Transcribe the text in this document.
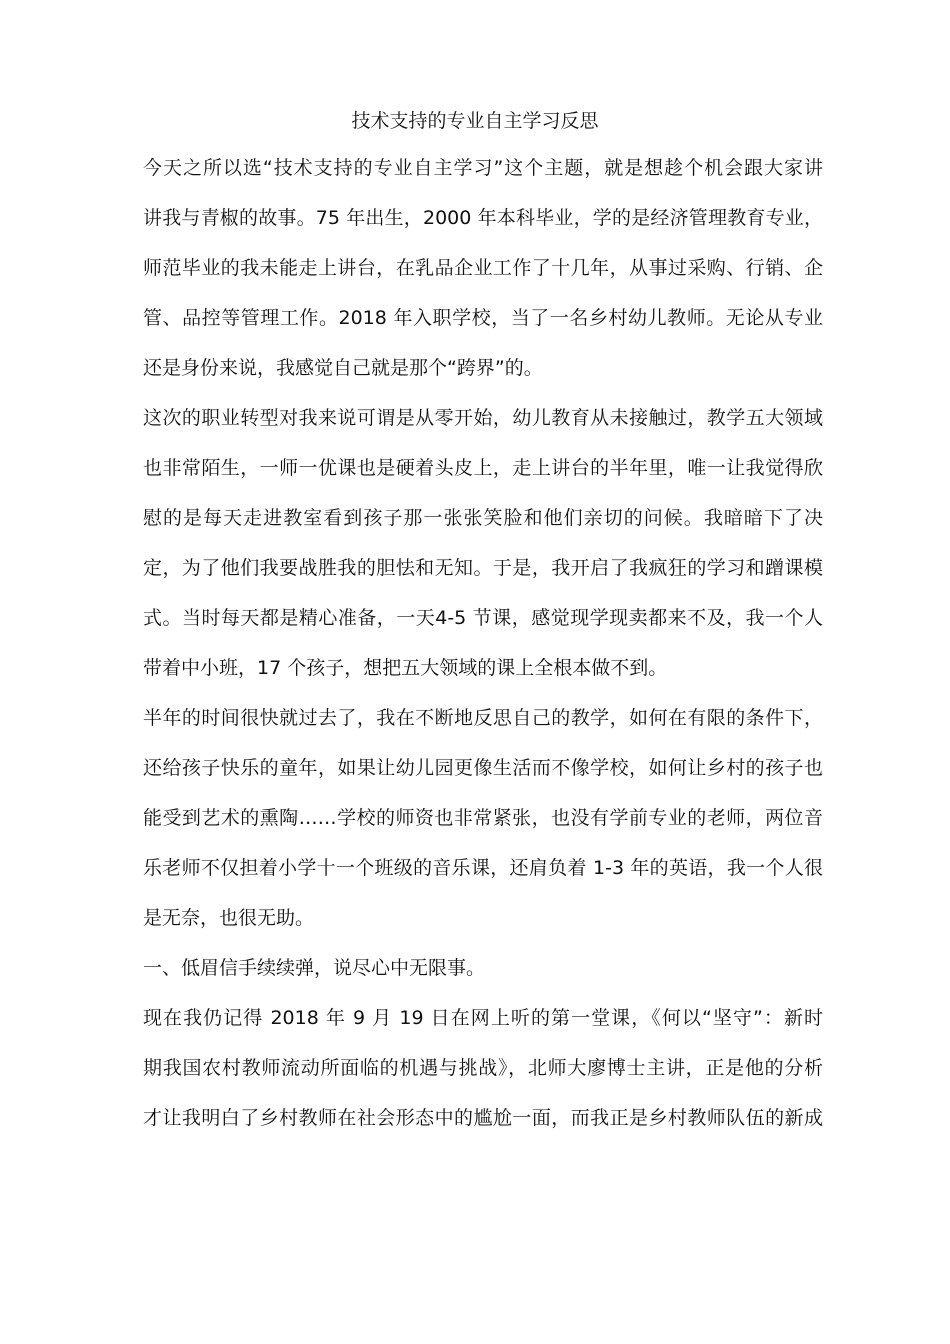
技术支持的专业自主学习反思

今天之所以选“技术支持的专业自主学习”这个主题，就是想趁个机会跟大家讲

讲我与青椒的故事。75 年出生，2000 年本科毕业，学的是经济管理教育专业，

师范毕业的我未能走上讲台，在乳品企业工作了十几年，从事过采购、行销、企

管、品控等管理工作。2018 年入职学校，当了一名乡村幼儿教师。无论从专业

还是身份来说，我感觉自己就是那个“跨界”的。

这次的职业转型对我来说可谓是从零开始，幼儿教育从未接触过，教学五大领域

也非常陌生，一师一优课也是硬着头皮上，走上讲台的半年里，唯一让我觉得欣

慰的是每天走进教室看到孩子那一张张笑脸和他们亲切的问候。我暗暗下了决

定，为了他们我要战胜我的胆怯和无知。于是，我开启了我疯狂的学习和蹭课模

式。当时每天都是精心准备，一天4-5 节课，感觉现学现卖都来不及，我一个人

带着中小班，17 个孩子，想把五大领域的课上全根本做不到。

半年的时间很快就过去了，我在不断地反思自己的教学，如何在有限的条件下，

还给孩子快乐的童年，如果让幼儿园更像生活而不像学校，如何让乡村的孩子也

能受到艺术的熏陶……学校的师资也非常紧张，也没有学前专业的老师，两位音

乐老师不仅担着小学十一个班级的音乐课，还肩负着 1-3 年的英语，我一个人很

是无奈，也很无助。

一、低眉信手续续弹，说尽心中无限事。

现在我仍记得 2018 年 9 月 19 日在网上听的第一堂课，《何以“坚守”：新时

期我国农村教师流动所面临的机遇与挑战》，北师大廖博士主讲，正是他的分析

才让我明白了乡村教师在社会形态中的尴尬一面，而我正是乡村教师队伍的新成
